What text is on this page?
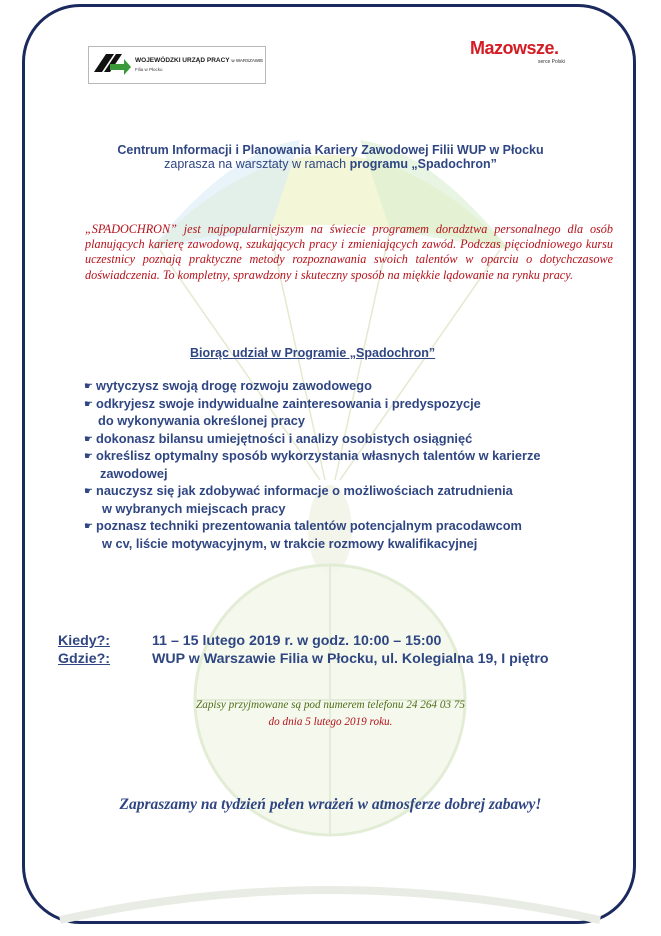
WOJEWÓDZKI URZĄD PRACY w WARSZAWIE
Filia w Płocku
Mazowsze.
serce Polski
Centrum Informacji i Planowania Kariery Zawodowej Filii WUP w Płocku
zaprasza na warsztaty w ramach programu „Spadochron”
„SPADOCHRON” jest najpopularniejszym na świecie programem doradztwa personalnego dla osób planujących karierę zawodową, szukających pracy i zmieniających zawód. Podczas pięciodniowego kursu uczestnicy poznają praktyczne metody rozpoznawania swoich talentów w oparciu o dotychczasowe doświadczenia. To kompletny, sprawdzony i skuteczny sposób na miękkie lądowanie na rynku pracy.
Biorąc udział w Programie „Spadochron”
☛ wytyczysz swoją drogę rozwoju zawodowego
☛ odkryjesz swoje indywidualne zainteresowania i predyspozycje
do wykonywania określonej pracy
☛ dokonasz bilansu umiejętności i analizy osobistych osiągnięć
☛ określisz optymalny sposób wykorzystania własnych talentów w karierze
zawodowej
☛ nauczysz się jak zdobywać informacje o możliwościach zatrudnienia
w wybranych miejscach pracy
☛ poznasz techniki prezentowania talentów potencjalnym pracodawcom
w cv, liście motywacyjnym, w trakcie rozmowy kwalifikacyjnej
Kiedy?:	11 – 15 lutego 2019 r. w godz. 10:00 – 15:00
Gdzie?:	WUP w Warszawie Filia w Płocku, ul. Kolegialna 19, I piętro
Zapisy przyjmowane są pod numerem telefonu 24 264 03 75
do dnia 5 lutego 2019 roku.
Zapraszamy na tydzień pełen wrażeń w atmosferze dobrej zabawy!
